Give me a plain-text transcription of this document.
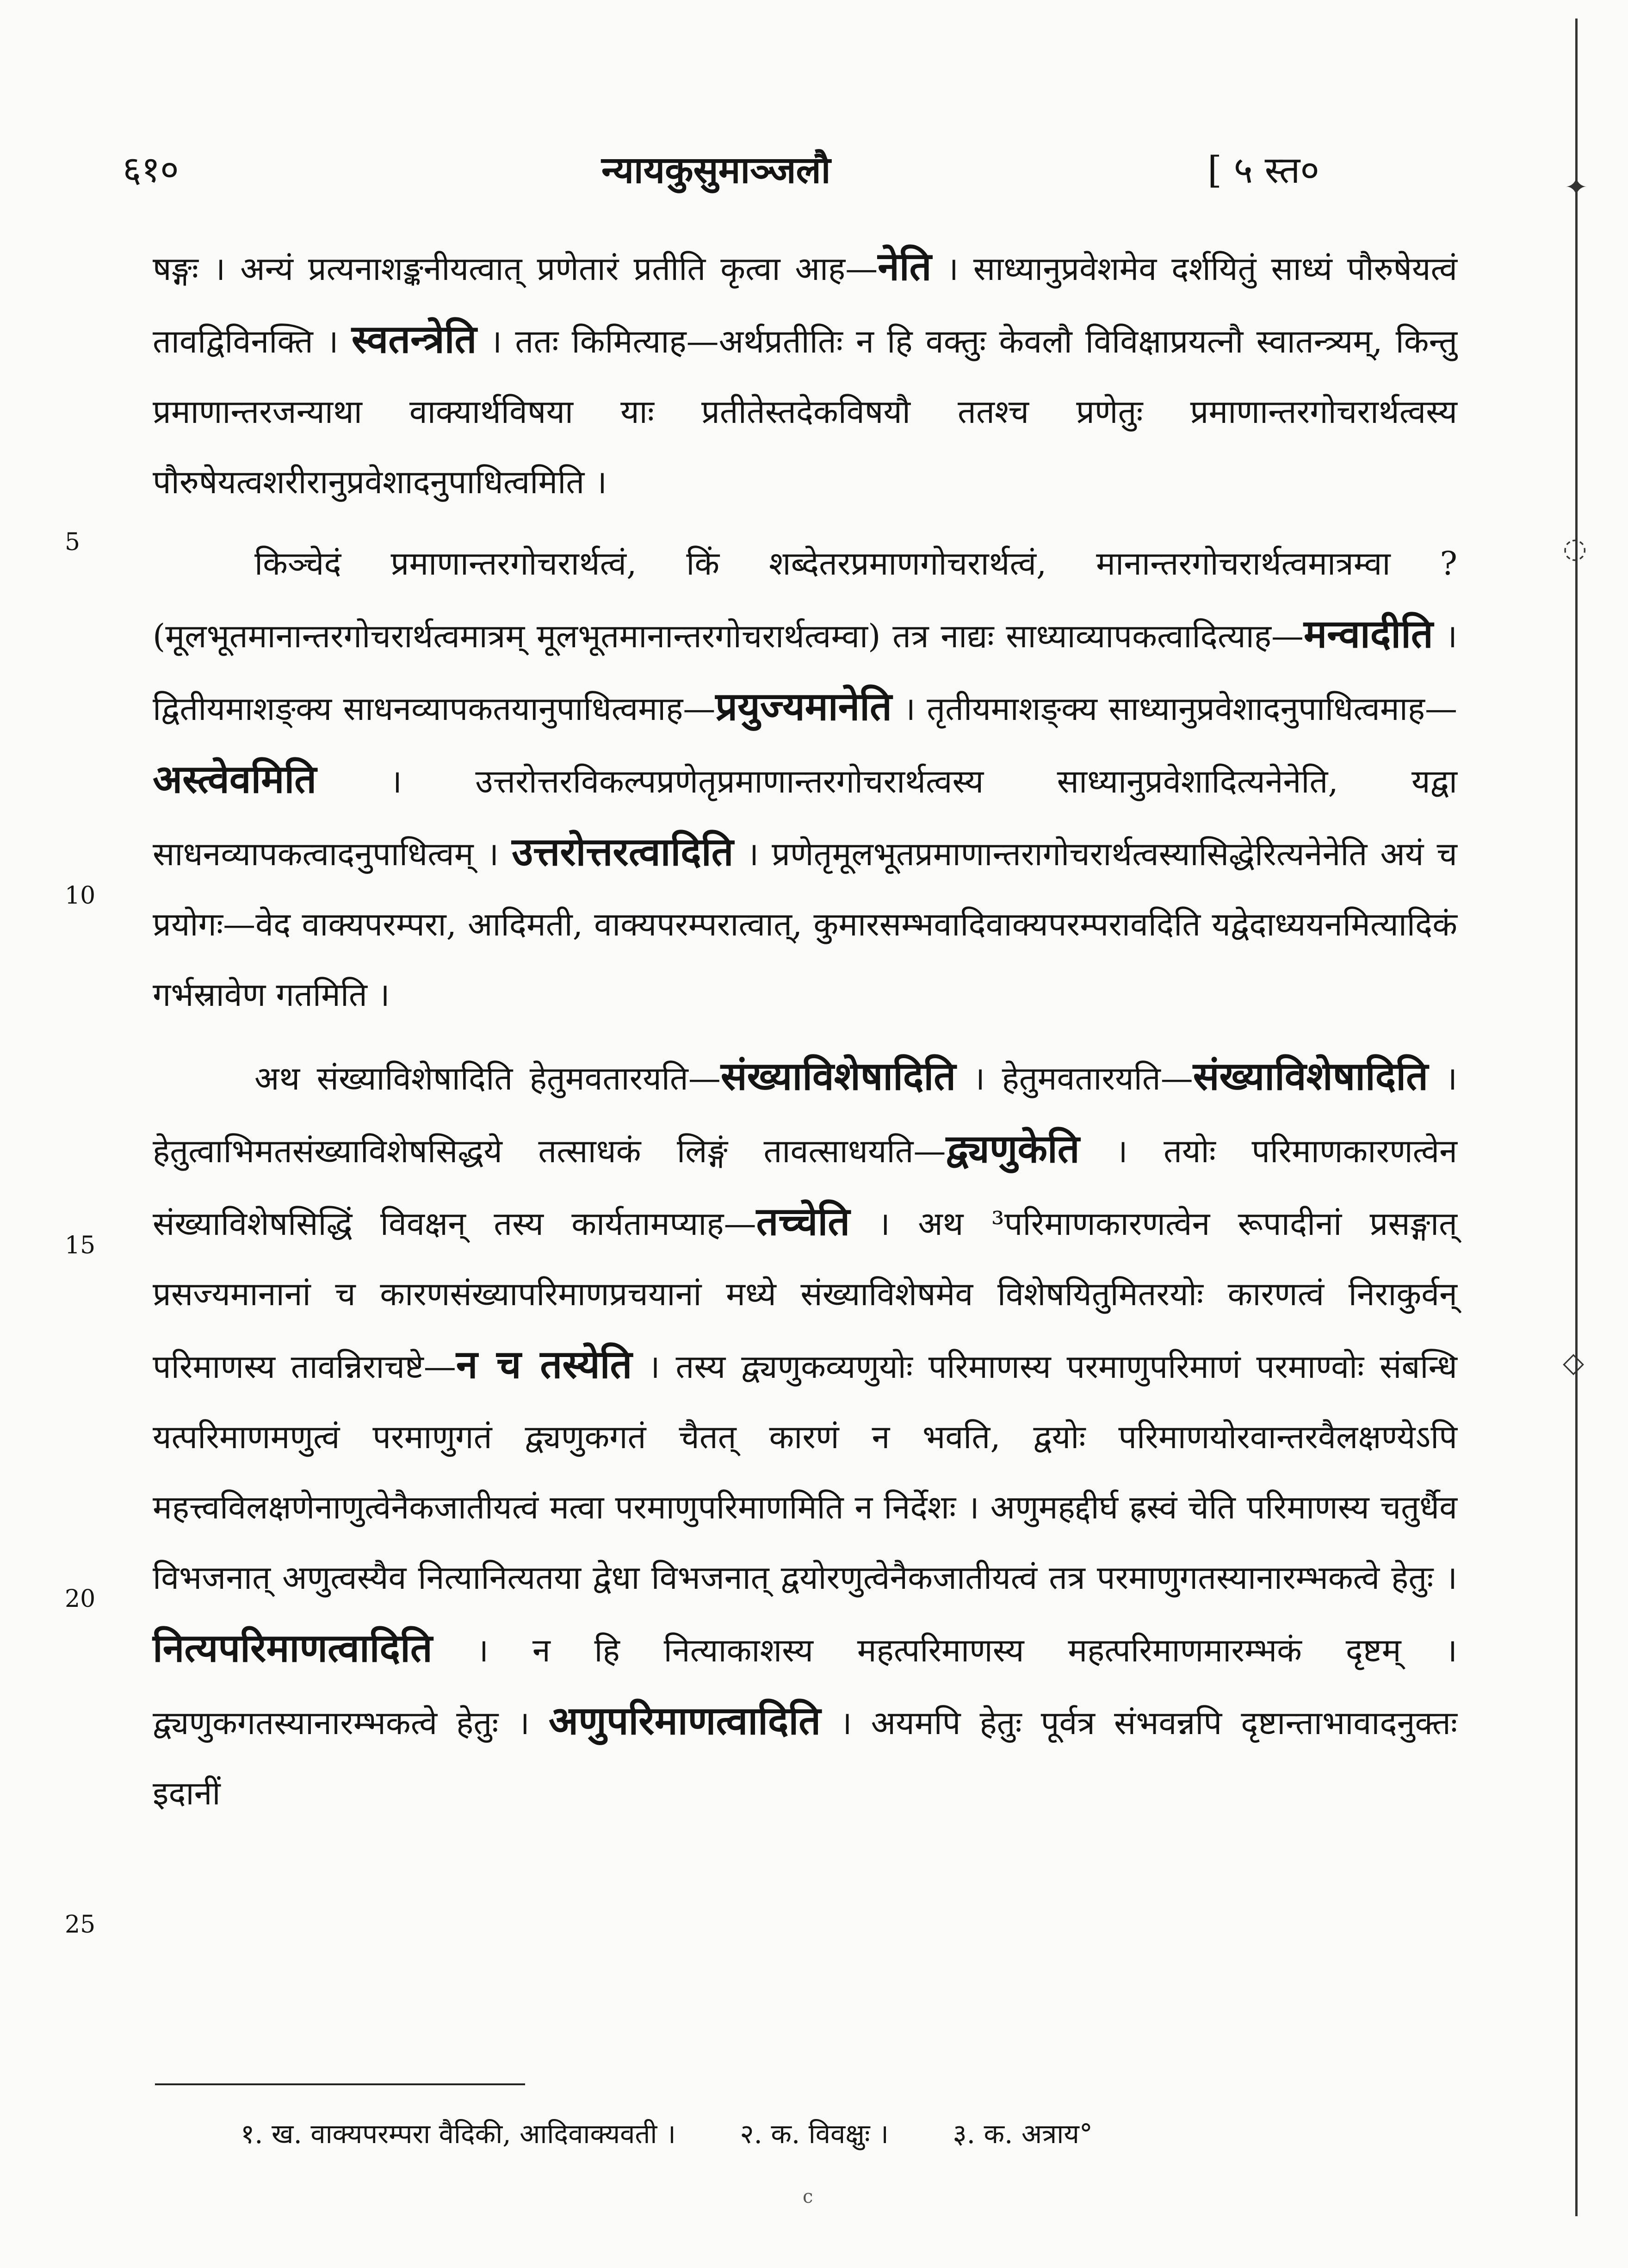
६१०	न्यायकुसुमाञ्जलौ	[ ५ स्त०
5
10
15
20
25

षङ्गः । अन्यं प्रत्यनाशङ्कनीयत्वात् प्रणेतारं प्रतीति कृत्वा आह—नेति । साध्यानुप्रवेशमेव दर्शयितुं साध्यं पौरुषेयत्वं तावद्विविनक्ति । स्वतन्त्रेति । ततः किमित्याह—अर्थप्रतीतिः न हि वक्तुः केवलौ विविक्षाप्रयत्नौ स्वातन्त्र्यम्, किन्तु प्रमाणान्तरजन्याथा वाक्यार्थविषया याः प्रतीतेस्तदेकविषयौ ततश्च प्रणेतुः प्रमाणान्तरगोचरार्थत्वस्य पौरुषेयत्वशरीरानुप्रवेशादनुपाधित्वमिति ।

किञ्चेदं प्रमाणान्तरगोचरार्थत्वं, किं शब्देतरप्रमाणगोचरार्थत्वं, मानान्तरगोचरार्थत्वमात्रम्वा ? (मूलभूतमानान्तरगोचरार्थत्वमात्रम् मूलभूतमानान्तरगोचरार्थत्वम्वा) तत्र नाद्यः साध्याव्यापकत्वादित्याह—मन्वादीति । द्वितीयमाशङ्क्य साधनव्यापकतयानुपाधित्वमाह—प्रयुज्यमानेति । तृतीयमाशङ्क्य साध्यानुप्रवेशादनुपाधित्वमाह—अस्त्वेवमिति । उत्तरोत्तरविकल्पप्रणेतृप्रमाणान्तरगोचरार्थत्वस्य साध्यानुप्रवेशादित्यनेनेति, यद्वा साधनव्यापकत्वादनुपाधित्वम् । उत्तरोत्तरत्वादिति । प्रणेतृमूलभूतप्रमाणान्तरागोचरार्थत्वस्यासिद्धेरित्यनेनेति अयं च प्रयोगः—वेद वाक्यपरम्परा, आदिमती, वाक्यपरम्परात्वात्, कुमारसम्भवादिवाक्यपरम्परावदिति यद्वेदाध्ययनमित्यादिकं गर्भस्रावेण गतमिति ।

अथ संख्याविशेषादिति हेतुमवतारयति—संख्याविशेषादिति । हेतुमवतारयति—संख्याविशेषादिति । हेतुत्वाभिमतसंख्याविशेषसिद्धये तत्साधकं लिङ्गं तावत्साधयति—द्व्यणुकेति । तयोः परिमाणकारणत्वेन संख्याविशेषसिद्धिं विवक्षन् तस्य कार्यतामप्याह—तच्चेति । अथ ³परिमाणकारणत्वेन रूपादीनां प्रसङ्गात् प्रसज्यमानानां च कारणसंख्यापरिमाणप्रचयानां मध्ये संख्याविशेषमेव विशेषयितुमितरयोः कारणत्वं निराकुर्वन् परिमाणस्य तावन्निराचष्टे—न च तस्येति । तस्य द्व्यणुकव्यणुयोः परिमाणस्य परमाणुपरिमाणं परमाण्वोः संबन्धि यत्परिमाणमणुत्वं परमाणुगतं द्व्यणुकगतं चैतत् कारणं न भवति, द्वयोः परिमाणयोरवान्तरवैलक्षण्येऽपि महत्त्वविलक्षणेनाणुत्वेनैकजातीयत्वं मत्वा परमाणुपरिमाणमिति न निर्देशः । अणुमहद्दीर्घ ह्रस्वं चेति परिमाणस्य चतुर्धैव विभजनात् अणुत्वस्यैव नित्यानित्यतया द्वेधा विभजनात् द्वयोरणुत्वेनैकजातीयत्वं तत्र परमाणुगतस्यानारम्भकत्वे हेतुः । नित्यपरिमाणत्वादिति । न हि नित्याकाशस्य महत्परिमाणस्य महत्परिमाणमारम्भकं दृष्टम् । द्व्यणुकगतस्यानारम्भकत्वे हेतुः । अणुपरिमाणत्वादिति । अयमपि हेतुः पूर्वत्र संभवन्नपि दृष्टान्ताभावादनुक्तः इदानीं

१. ख. वाक्यपरम्परा वैदिकी, आदिवाक्यवती । २. क. विवक्षुः । ३. क. अत्राय°
✦
◌
◇
c
